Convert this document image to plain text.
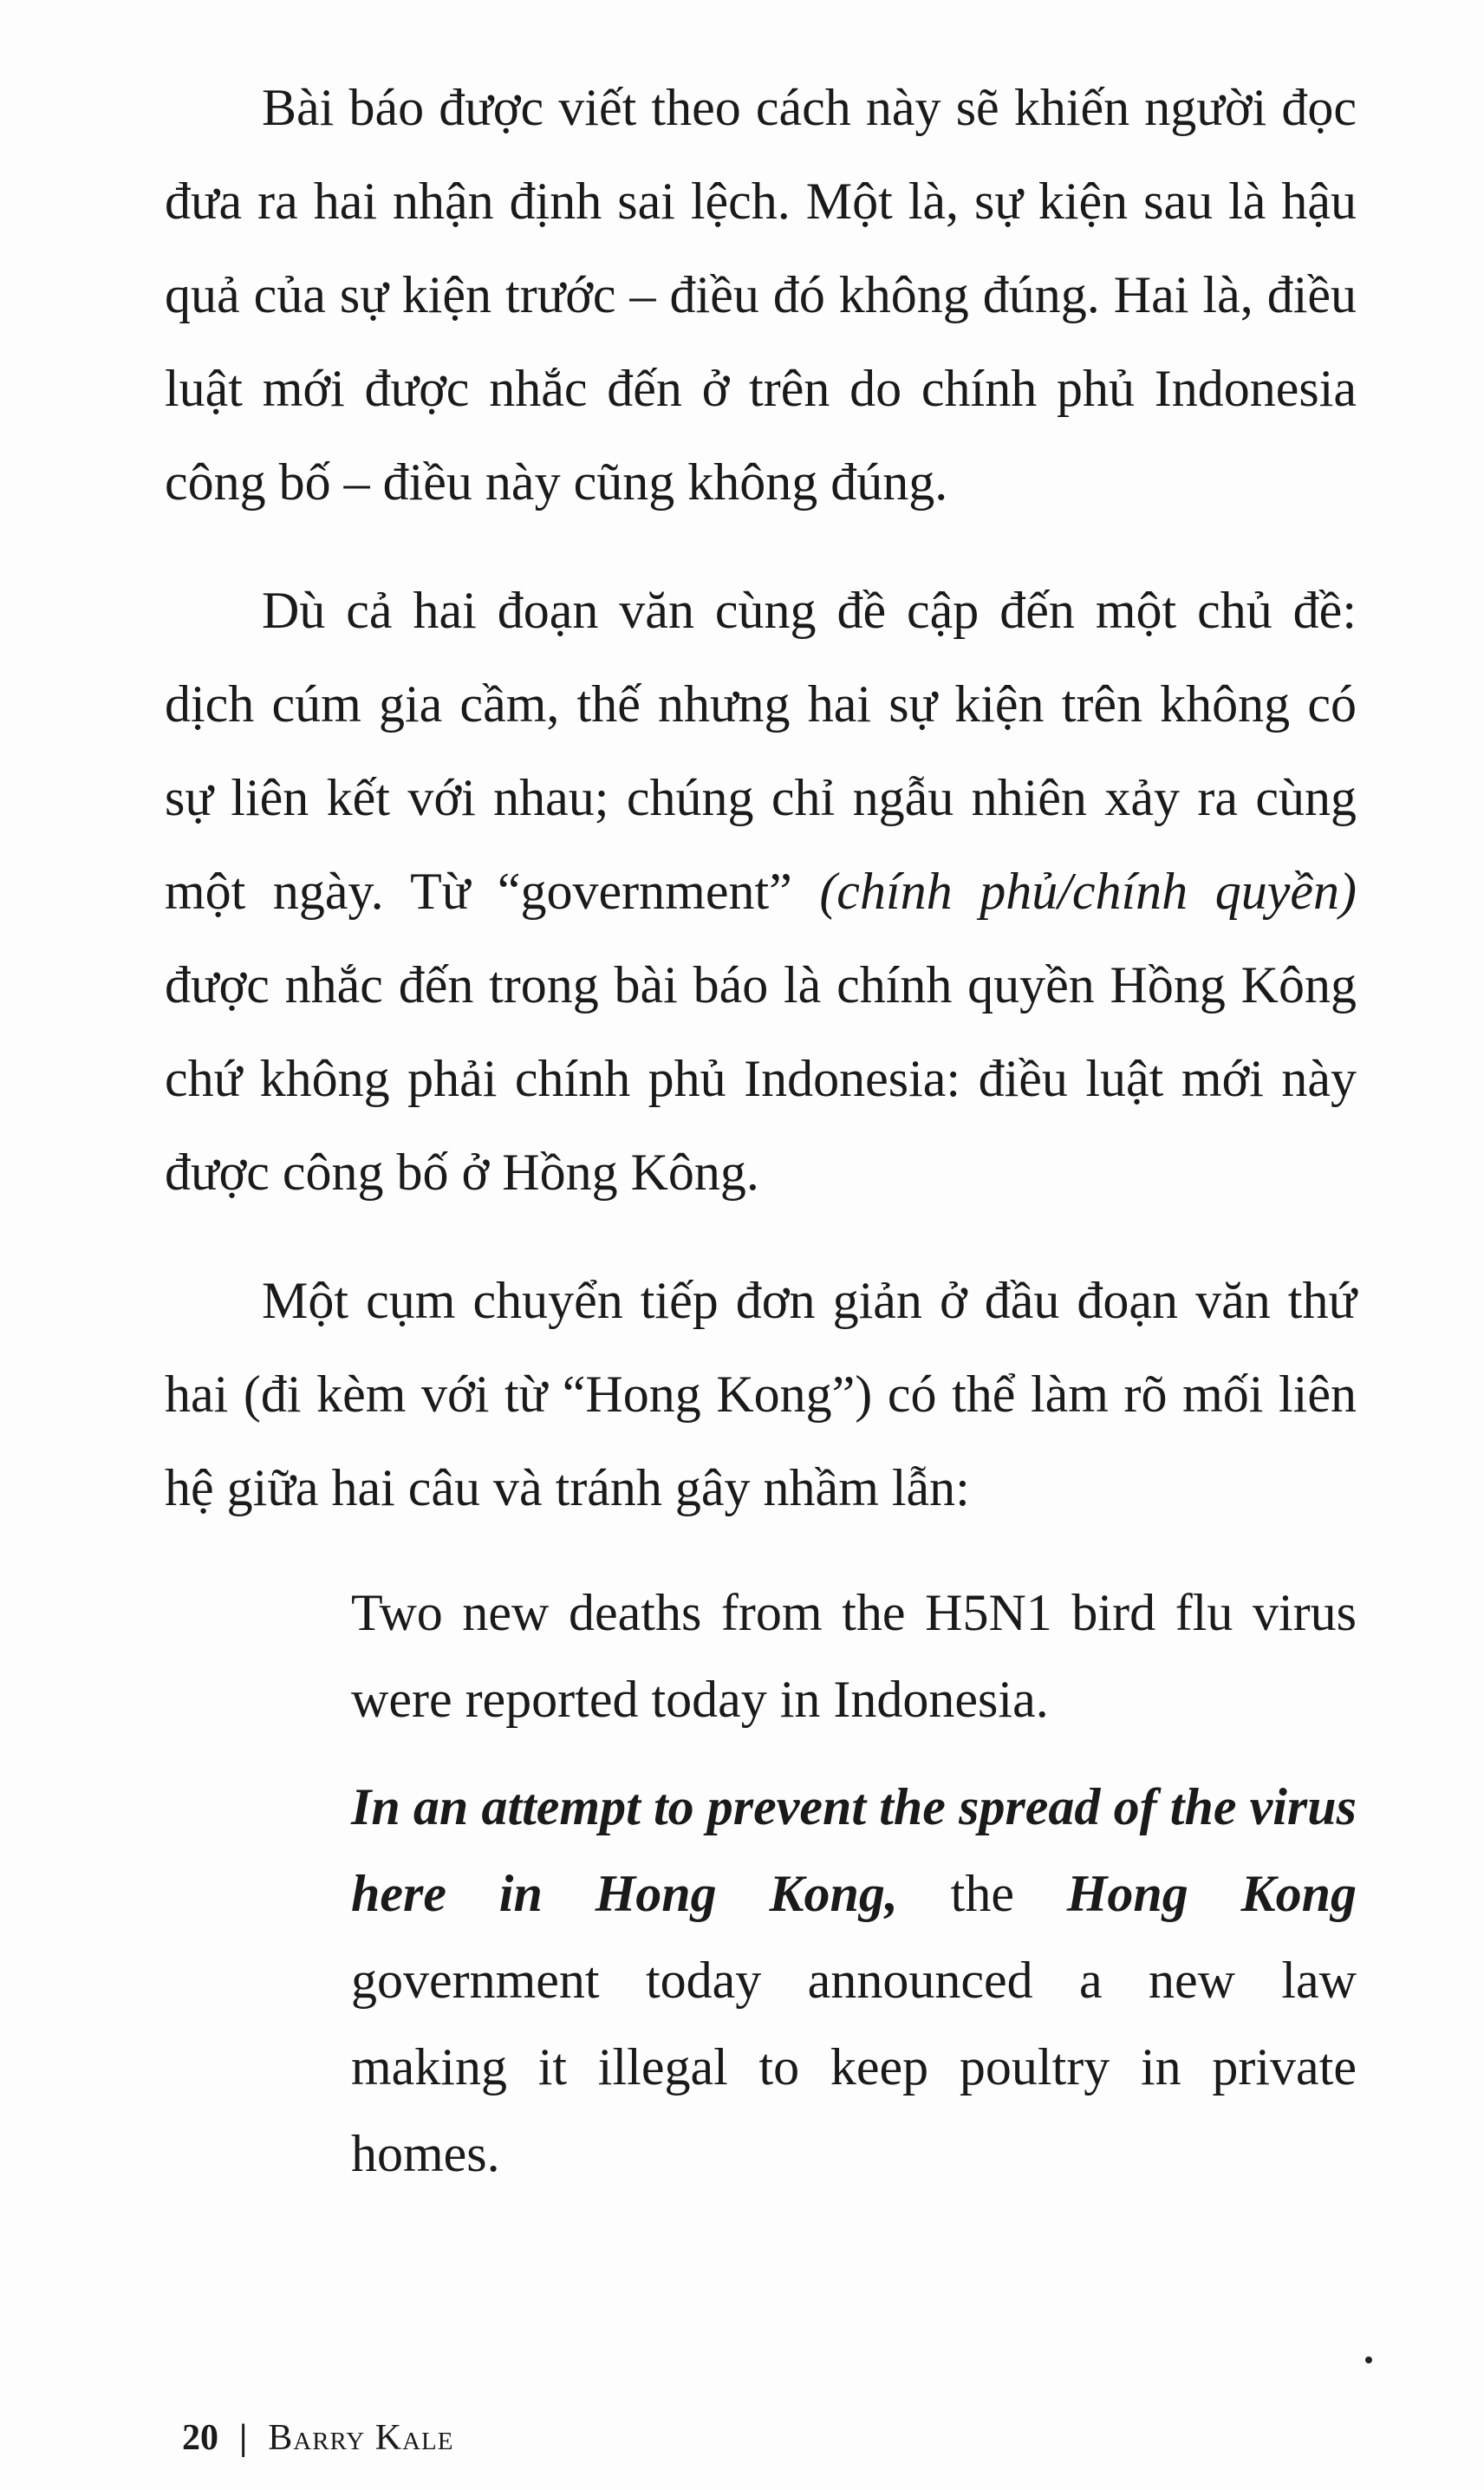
Bài báo được viết theo cách này sẽ khiến người đọc đưa ra hai nhận định sai lệch. Một là, sự kiện sau là hậu quả của sự kiện trước – điều đó không đúng. Hai là, điều luật mới được nhắc đến ở trên do chính phủ Indonesia công bố – điều này cũng không đúng.

Dù cả hai đoạn văn cùng đề cập đến một chủ đề: dịch cúm gia cầm, thế nhưng hai sự kiện trên không có sự liên kết với nhau; chúng chỉ ngẫu nhiên xảy ra cùng một ngày. Từ “government” (chính phủ/chính quyền) được nhắc đến trong bài báo là chính quyền Hồng Kông chứ không phải chính phủ Indonesia: điều luật mới này được công bố ở Hồng Kông.

Một cụm chuyển tiếp đơn giản ở đầu đoạn văn thứ hai (đi kèm với từ “Hong Kong”) có thể làm rõ mối liên hệ giữa hai câu và tránh gây nhầm lẫn:

Two new deaths from the H5N1 bird flu virus were reported today in Indonesia.

In an attempt to prevent the spread of the virus here in Hong Kong, the Hong Kong government today announced a new law making it illegal to keep poultry in private homes.

20 | Barry Kale
